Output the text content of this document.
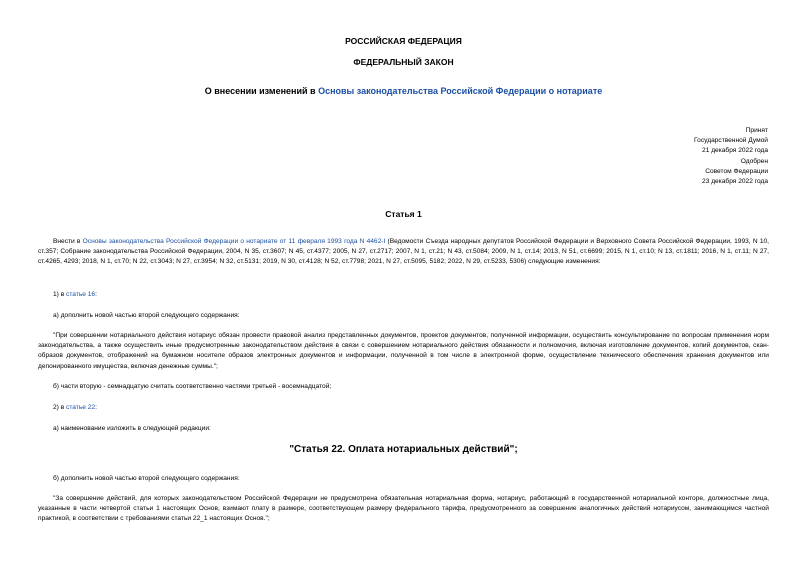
РОССИЙСКАЯ ФЕДЕРАЦИЯ
ФЕДЕРАЛЬНЫЙ ЗАКОН
О внесении изменений в Основы законодательства Российской Федерации о нотариате
Принят
Государственной Думой
21 декабря 2022 года
Одобрен
Советом Федерации
23 декабря 2022 года
Статья 1
Внести в Основы законодательства Российской Федерации о нотариате от 11 февраля 1993 года N 4462-I (Ведомости Съезда народных депутатов Российской Федерации и Верховного Совета Российской Федерации, 1993, N 10, ст.357; Собрание законодательства Российской Федерации, 2004, N 35, ст.3607; N 45, ст.4377; 2005, N 27, ст.2717; 2007, N 1, ст.21; N 43, ст.5084; 2009, N 1, ст.14; 2013, N 51, ст.6699; 2015, N 1, ст.10; N 13, ст.1811; 2016, N 1, ст.11; N 27, ст.4265, 4293; 2018, N 1, ст.70; N 22, ст.3043; N 27, ст.3954; N 32, ст.5131; 2019, N 30, ст.4128; N 52, ст.7798; 2021, N 27, ст.5095, 5182; 2022, N 29, ст.5233, 5306) следующие изменения:
1) в статье 16:
а) дополнить новой частью второй следующего содержания:
"При совершении нотариального действия нотариус обязан провести правовой анализ представленных документов, проектов документов, полученной информации, осуществить консультирование по вопросам применения норм законодательства, а также осуществить иные предусмотренные законодательством действия в связи с совершением нотариального действия обязанности и полномочия, включая изготовление документов, копий документов, скан-образов документов, отображений на бумажном носителе образов электронных документов и информации, полученной в том числе в электронной форме, осуществление технического обеспечения хранения документов или депонированного имущества, включая денежные суммы.";
б) части вторую - семнадцатую считать соответственно частями третьей - восемнадцатой;
2) в статье 22:
а) наименование изложить в следующей редакции:
"Статья 22. Оплата нотариальных действий";
б) дополнить новой частью второй следующего содержания:
"За совершение действий, для которых законодательством Российской Федерации не предусмотрена обязательная нотариальная форма, нотариус, работающий в государственной нотариальной конторе, должностные лица, указанные в части четвертой статьи 1 настоящих Основ, взимают плату в размере, соответствующем размеру федерального тарифа, предусмотренного за совершение аналогичных действий нотариусом, занимающимся частной практикой, в соответствии с требованиями статьи 22_1 настоящих Основ.";
